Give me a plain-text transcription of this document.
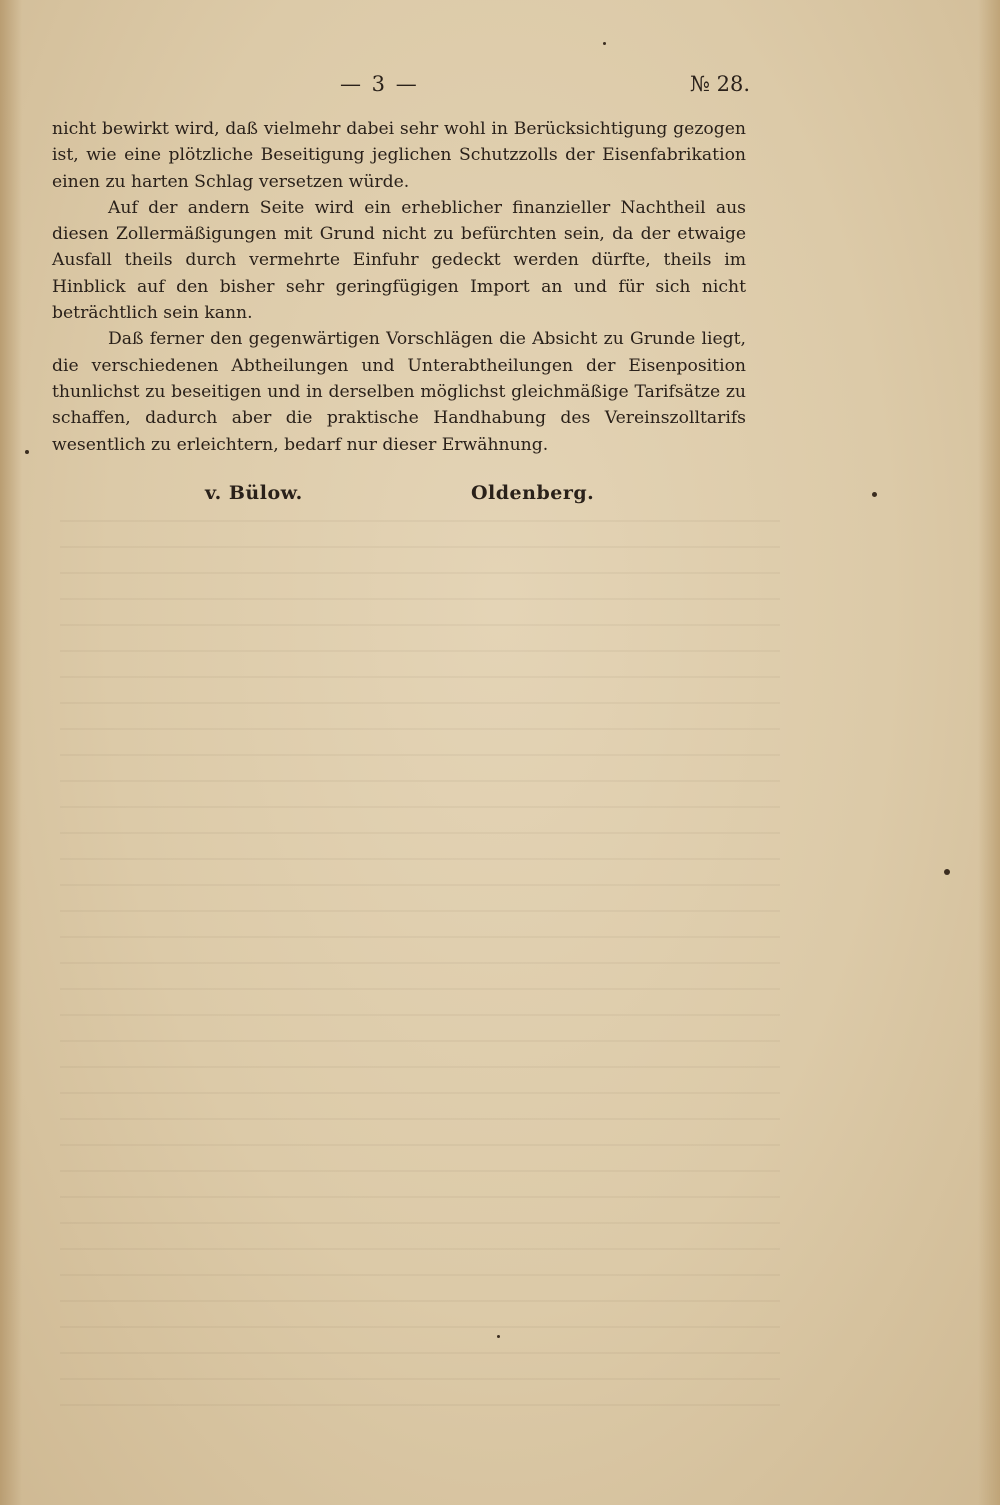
— 3 —	№ 28.

nicht bewirkt wird, daß vielmehr dabei sehr wohl in Berücksichtigung gezogen ist, wie eine plötzliche Beseitigung jeglichen Schutzzolls der Eisenfabrikation einen zu harten Schlag versetzen würde.

Auf der andern Seite wird ein erheblicher finanzieller Nachtheil aus diesen Zollermäßigungen mit Grund nicht zu befürchten sein, da der etwaige Ausfall theils durch vermehrte Einfuhr gedeckt werden dürfte, theils im Hinblick auf den bisher sehr geringfügigen Import an und für sich nicht beträchtlich sein kann.

Daß ferner den gegenwärtigen Vorschlägen die Absicht zu Grunde liegt, die verschiedenen Abtheilungen und Unterabtheilungen der Eisenposition thunlichst zu beseitigen und in derselben möglichst gleichmäßige Tarifsätze zu schaffen, dadurch aber die praktische Handhabung des Vereinszolltarifs wesentlich zu erleichtern, bedarf nur dieser Erwähnung.

v. Bülow.	Oldenberg.
